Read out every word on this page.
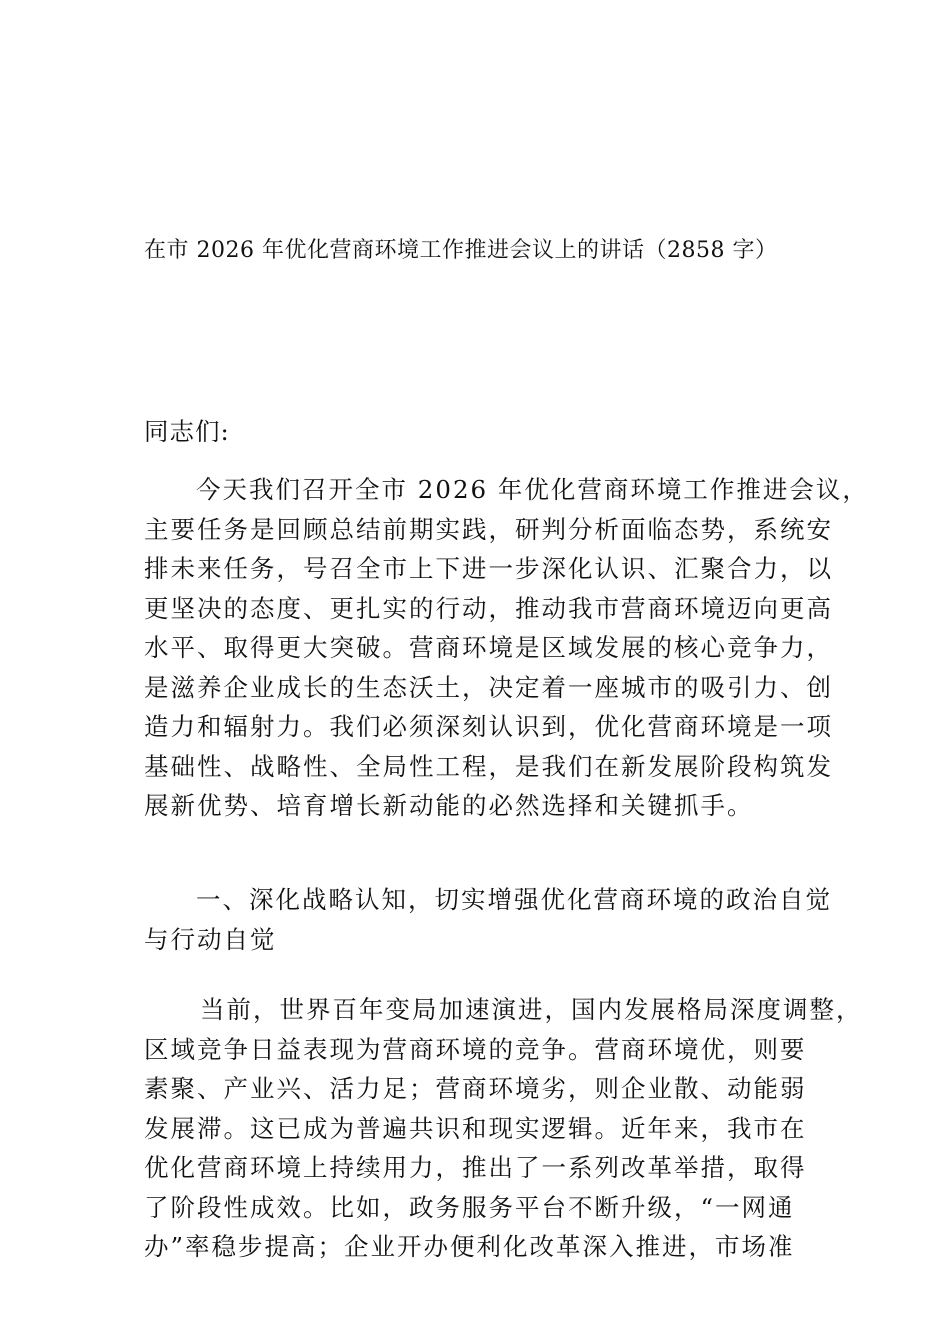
在市 2026 年优化营商环境工作推进会议上的讲话（2858 字）
同志们:
今天我们召开全市 2026 年优化营商环境工作推进会议，
主要任务是回顾总结前期实践，研判分析面临态势，系统安
排未来任务，号召全市上下进一步深化认识、汇聚合力，以
更坚决的态度、更扎实的行动，推动我市营商环境迈向更高
水平、取得更大突破。营商环境是区域发展的核心竞争力，
是滋养企业成长的生态沃土，决定着一座城市的吸引力、创
造力和辐射力。我们必须深刻认识到，优化营商环境是一项
基础性、战略性、全局性工程，是我们在新发展阶段构筑发
展新优势、培育增长新动能的必然选择和关键抓手。
一、深化战略认知，切实增强优化营商环境的政治自觉
与行动自觉
当前，世界百年变局加速演进，国内发展格局深度调整，
区域竞争日益表现为营商环境的竞争。营商环境优，则要
素聚、产业兴、活力足；营商环境劣，则企业散、动能弱
发展滞。这已成为普遍共识和现实逻辑。近年来，我市在
优化营商环境上持续用力，推出了一系列改革举措，取得
了阶段性成效。比如，政务服务平台不断升级，“一网通
办”率稳步提高；企业开办便利化改革深入推进，市场准
